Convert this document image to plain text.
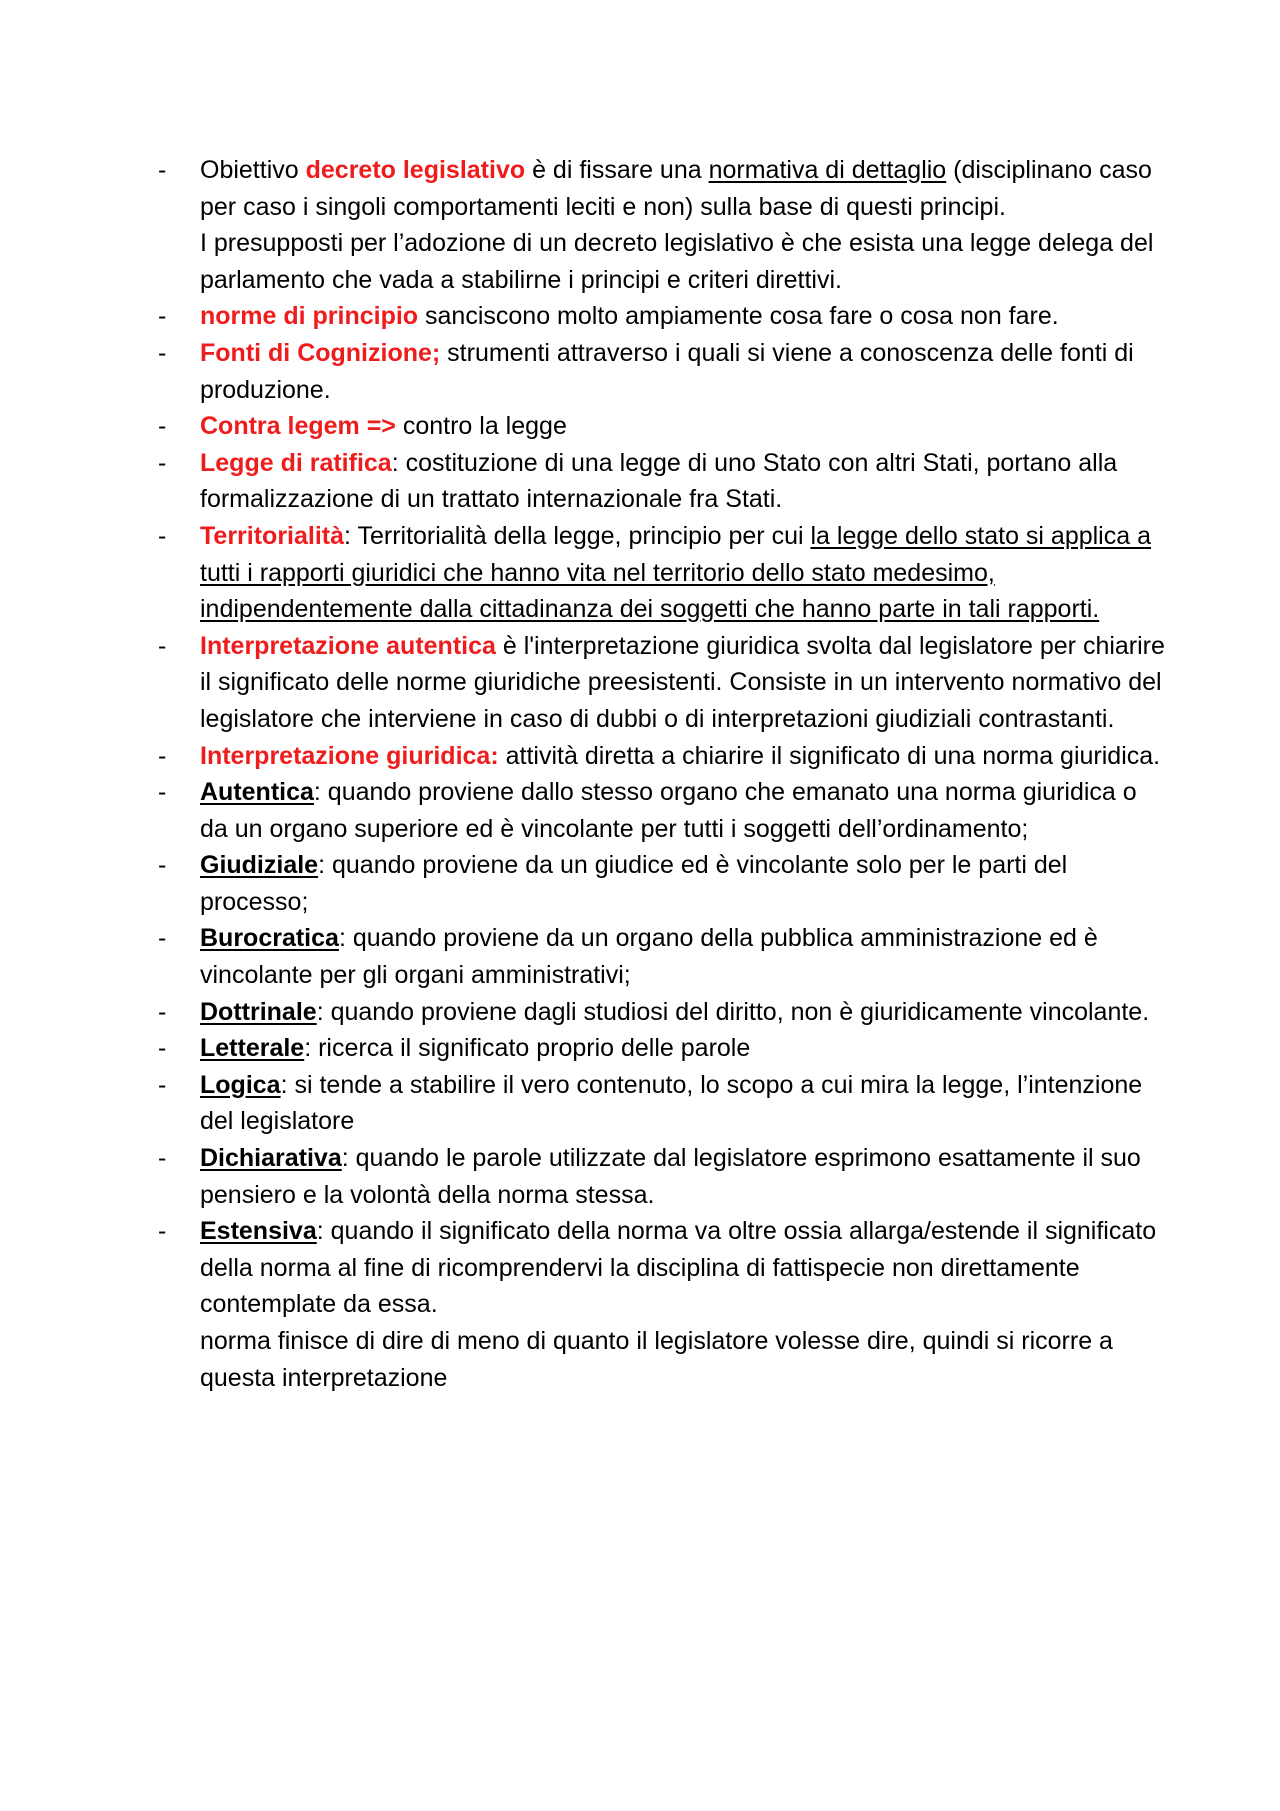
- Obiettivo decreto legislativo è di fissare una normativa di dettaglio (disciplinano caso per caso i singoli comportamenti leciti e non) sulla base di questi principi.
I presupposti per l’adozione di un decreto legislativo è che esista una legge delega del parlamento che vada a stabilirne i principi e criteri direttivi.
- norme di principio sanciscono molto ampiamente cosa fare o cosa non fare.
- Fonti di Cognizione; strumenti attraverso i quali si viene a conoscenza delle fonti di produzione.
- Contra legem => contro la legge
- Legge di ratifica: costituzione di una legge di uno Stato con altri Stati, portano alla formalizzazione di un trattato internazionale fra Stati.
- Territorialità: Territorialità della legge, principio per cui la legge dello stato si applica a tutti i rapporti giuridici che hanno vita nel territorio dello stato medesimo, indipendentemente dalla cittadinanza dei soggetti che hanno parte in tali rapporti.
- Interpretazione autentica è l'interpretazione giuridica svolta dal legislatore per chiarire il significato delle norme giuridiche preesistenti. Consiste in un intervento normativo del legislatore che interviene in caso di dubbi o di interpretazioni giudiziali contrastanti.
- Interpretazione giuridica: attività diretta a chiarire il significato di una norma giuridica.
- Autentica: quando proviene dallo stesso organo che emanato una norma giuridica o da un organo superiore ed è vincolante per tutti i soggetti dell’ordinamento;
- Giudiziale: quando proviene da un giudice ed è vincolante solo per le parti del processo;
- Burocratica: quando proviene da un organo della pubblica amministrazione ed è vincolante per gli organi amministrativi;
- Dottrinale: quando proviene dagli studiosi del diritto, non è giuridicamente vincolante.
- Letterale: ricerca il significato proprio delle parole
- Logica: si tende a stabilire il vero contenuto, lo scopo a cui mira la legge, l’intenzione del legislatore
- Dichiarativa: quando le parole utilizzate dal legislatore esprimono esattamente il suo pensiero e la volontà della norma stessa.
- Estensiva: quando il significato della norma va oltre ossia allarga/estende il significato della norma al fine di ricomprendervi la disciplina di fattispecie non direttamente contemplate da essa.
norma finisce di dire di meno di quanto il legislatore volesse dire, quindi si ricorre a questa interpretazione
